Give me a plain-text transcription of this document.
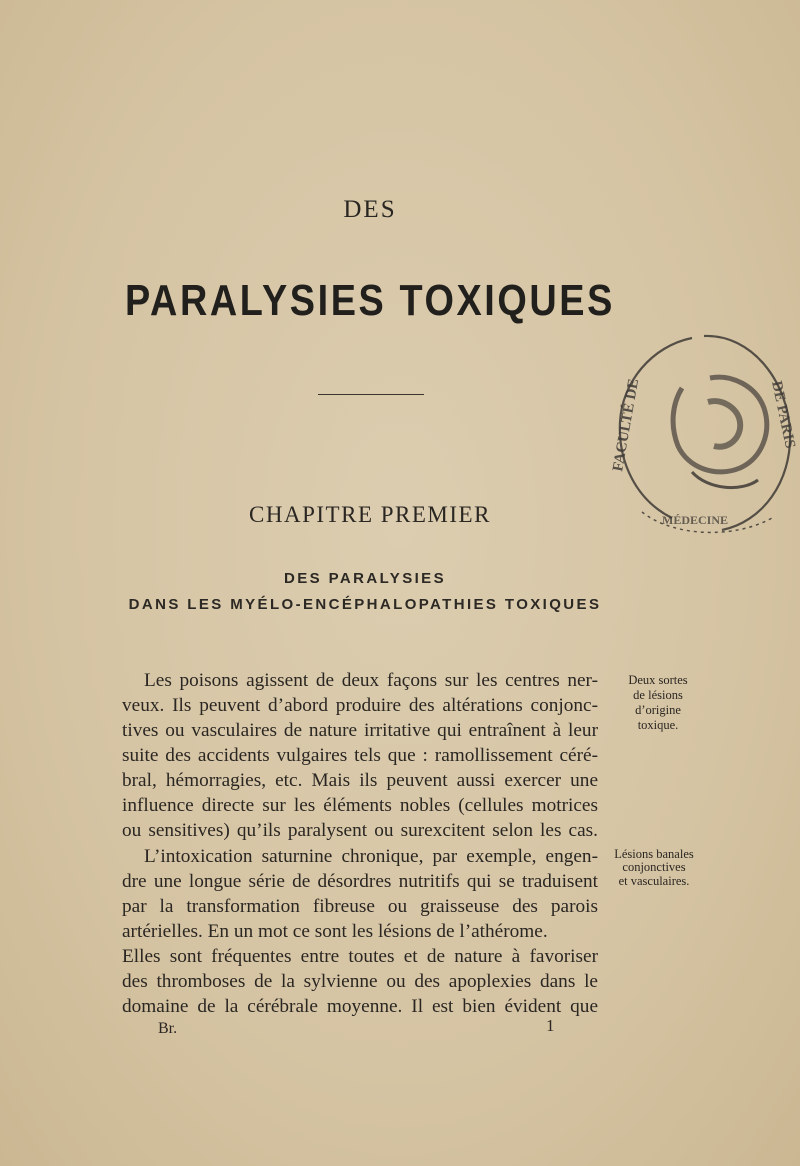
DES
PARALYSIES TOXIQUES
FACULTÉ DE	DE PARIS
MÉDECINE
CHAPITRE PREMIER
DES PARALYSIES
DANS LES MYÉLO-ENCÉPHALOPATHIES TOXIQUES
Les poisons agissent de deux façons sur les centres ner-
veux. Ils peuvent d’abord produire des altérations conjonc-
tives ou vasculaires de nature irritative qui entraînent à leur
suite des accidents vulgaires tels que : ramollissement céré-
bral, hémorragies, etc. Mais ils peuvent aussi exercer une
influence directe sur les éléments nobles (cellules motrices
ou sensitives) qu’ils paralysent ou surexcitent selon les cas.
L’intoxication saturnine chronique, par exemple, engen-
dre une longue série de désordres nutritifs qui se traduisent
par la transformation fibreuse ou graisseuse des parois
artérielles. En un mot ce sont les lésions de l’athérome.
Elles sont fréquentes entre toutes et de nature à favoriser
des thromboses de la sylvienne ou des apoplexies dans le
domaine de la cérébrale moyenne. Il est bien évident que
Deux sortes
de lésions
d’origine
toxique.
Lésions banales
conjonctives
et vasculaires.
Br.	1
